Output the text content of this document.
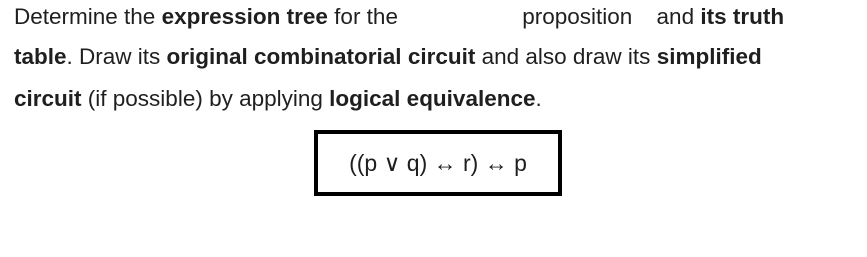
Determine the expression tree for the	proposition and its truth
table. Draw its original combinatorial circuit and also draw its simplified
circuit (if possible) by applying logical equivalence.
((p ∨ q) ↔ r) ↔ p
